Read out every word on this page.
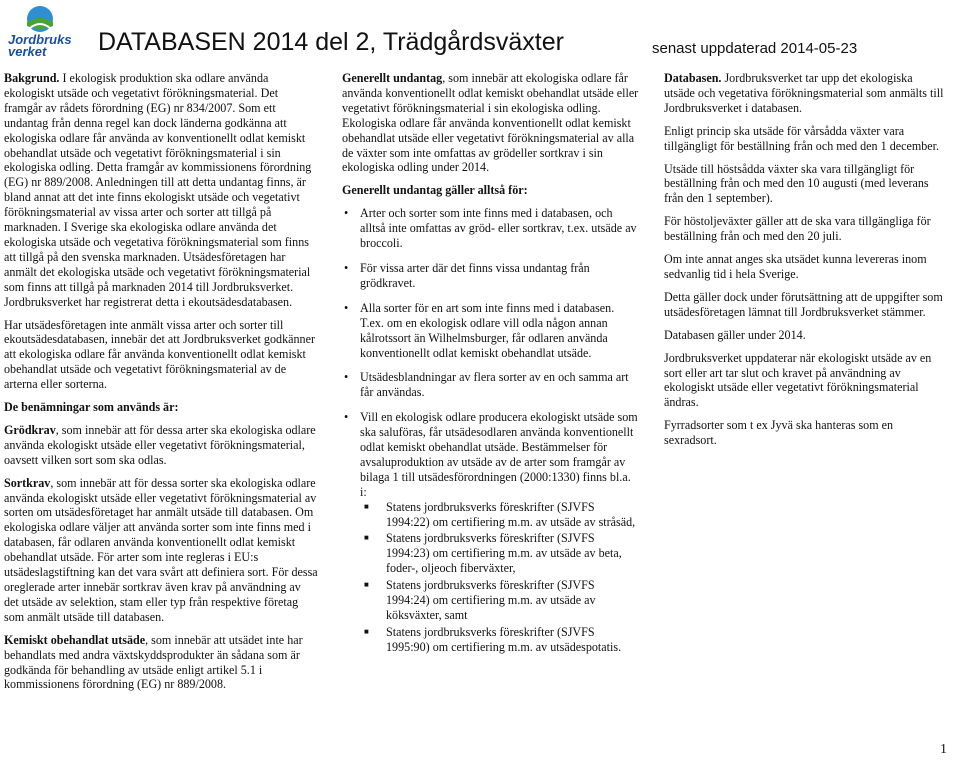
Jordbruks
verket	DATABASEN 2014 del 2, Trädgårdsväxter	senast uppdaterad 2014-05-23

Bakgrund. I ekologisk produktion ska odlare använda ekologiskt utsäde och vegetativt förökningsmaterial. Det framgår av rådets förordning (EG) nr 834/2007. Som ett undantag från denna regel kan dock länderna godkänna att ekologiska odlare får använda av konventionellt odlat kemiskt obehandlat utsäde och vegetativt förökningsmaterial i sin ekologiska odling. Detta framgår av kommissionens förordning (EG) nr 889/2008. Anledningen till att detta undantag finns, är bland annat att det inte finns ekologiskt utsäde och vegetativt förökningsmaterial av vissa arter och sorter att tillgå på marknaden. I Sverige ska ekologiska odlare använda det ekologiska utsäde och vegetativa förökningsmaterial som finns att tillgå på den svenska marknaden. Utsädesföretagen har anmält det ekologiska utsäde och vegetativt förökningsmaterial som finns att tillgå på marknaden 2014 till Jordbruksverket. Jordbruksverket har registrerat detta i ekoutsädesdatabasen.

Har utsädesföretagen inte anmält vissa arter och sorter till ekoutsädesdatabasen, innebär det att Jordbruksverket godkänner att ekologiska odlare får använda konventionellt odlat kemiskt obehandlat utsäde och vegetativt förökningsmaterial av de arterna eller sorterna.

De benämningar som används är:

Grödkrav, som innebär att för dessa arter ska ekologiska odlare använda ekologiskt utsäde eller vegetativt förökningsmaterial, oavsett vilken sort som ska odlas.

Sortkrav, som innebär att för dessa sorter ska ekologiska odlare använda ekologiskt utsäde eller vegetativt förökningsmaterial av sorten om utsädesföretaget har anmält utsäde till databasen. Om ekologiska odlare väljer att använda sorter som inte finns med i databasen, får odlaren använda konventionellt odlat kemiskt obehandlat utsäde. För arter som inte regleras i EU:s utsädeslagstiftning kan det vara svårt att definiera sort. För dessa oreglerade arter innebär sortkrav även krav på användning av det utsäde av selektion, stam eller typ från respektive företag som anmält utsäde till databasen.

Kemiskt obehandlat utsäde, som innebär att utsädet inte har behandlats med andra växtskyddsprodukter än sådana som är godkända för behandling av utsäde enligt artikel 5.1 i kommissionens förordning (EG) nr 889/2008.

Generellt undantag, som innebär att ekologiska odlare får använda konventionellt odlat kemiskt obehandlat utsäde eller vegetativt förökningsmaterial i sin ekologiska odling. Ekologiska odlare får använda konventionellt odlat kemiskt obehandlat utsäde eller vegetativt förökningsmaterial av alla de växter som inte omfattas av grödeller sortkrav i sin ekologiska odling under 2014.

Generellt undantag gäller alltså för:

• Arter och sorter som inte finns med i databasen, och alltså inte omfattas av gröd- eller sortkrav, t.ex. utsäde av broccoli.
• För vissa arter där det finns vissa undantag från grödkravet.
• Alla sorter för en art som inte finns med i databasen. T.ex. om en ekologisk odlare vill odla någon annan kålrotssort än Wilhelmsburger, får odlaren använda konventionellt odlat kemiskt obehandlat utsäde.
• Utsädesblandningar av flera sorter av en och samma art får användas.
• Vill en ekologisk odlare producera ekologiskt utsäde som ska saluföras, får utsädesodlaren använda konventionellt odlat kemiskt obehandlat utsäde. Bestämmelser för avsaluproduktion av utsäde av de arter som framgår av bilaga 1 till utsädesförordningen (2000:1330) finns bl.a. i:
■ Statens jordbruksverks föreskrifter (SJVFS 1994:22) om certifiering m.m. av utsäde av stråsäd,
■ Statens jordbruksverks föreskrifter (SJVFS 1994:23) om certifiering m.m. av utsäde av beta, foder-, oljeoch fiberväxter,
■ Statens jordbruksverks föreskrifter (SJVFS 1994:24) om certifiering m.m. av utsäde av köksväxter, samt
■ Statens jordbruksverks föreskrifter (SJVFS 1995:90) om certifiering m.m. av utsädespotatis.

Databasen. Jordbruksverket tar upp det ekologiska utsäde och vegetativa förökningsmaterial som anmälts till Jordbruksverket i databasen.

Enligt princip ska utsäde för vårsådda växter vara tillgängligt för beställning från och med den 1 december.

Utsäde till höstsådda växter ska vara tillgängligt för beställning från och med den 10 augusti (med leverans från den 1 september).

För höstoljeväxter gäller att de ska vara tillgängliga för beställning från och med den 20 juli.

Om inte annat anges ska utsädet kunna levereras inom sedvanlig tid i hela Sverige.

Detta gäller dock under förutsättning att de uppgifter som utsädesföretagen lämnat till Jordbruksverket stämmer.

Databasen gäller under 2014.

Jordbruksverket uppdaterar när ekologiskt utsäde av en sort eller art tar slut och kravet på användning av ekologiskt utsäde eller vegetativt förökningsmaterial ändras.

Fyrradsorter som t ex Jyvä ska hanteras som en sexradsort.

1
